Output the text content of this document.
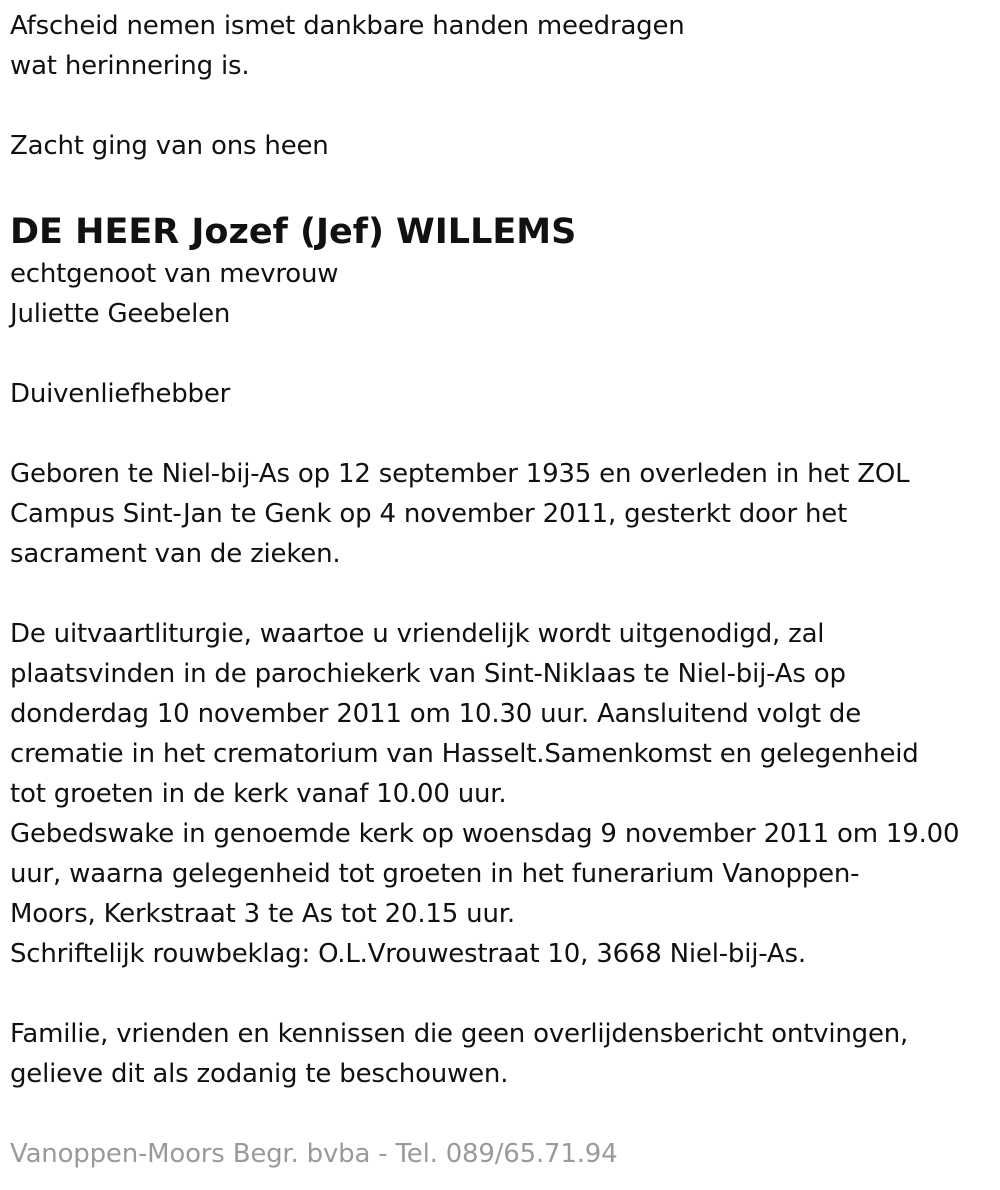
Afscheid nemen ismet dankbare handen meedragen
wat herinnering is.
Zacht ging van ons heen
DE HEER Jozef (Jef) WILLEMS
echtgenoot van mevrouw
Juliette Geebelen
Duivenliefhebber
Geboren te Niel-bij-As op 12 september 1935 en overleden in het ZOL
Campus Sint-Jan te Genk op 4 november 2011, gesterkt door het
sacrament van de zieken.
De uitvaartliturgie, waartoe u vriendelijk wordt uitgenodigd, zal
plaatsvinden in de parochiekerk van Sint-Niklaas te Niel-bij-As op
donderdag 10 november 2011 om 10.30 uur. Aansluitend volgt de
crematie in het crematorium van Hasselt.Samenkomst en gelegenheid
tot groeten in de kerk vanaf 10.00 uur.
Gebedswake in genoemde kerk op woensdag 9 november 2011 om 19.00
uur, waarna gelegenheid tot groeten in het funerarium Vanoppen-
Moors, Kerkstraat 3 te As tot 20.15 uur.
Schriftelijk rouwbeklag: O.L.Vrouwestraat 10, 3668 Niel-bij-As.
Familie, vrienden en kennissen die geen overlijdensbericht ontvingen,
gelieve dit als zodanig te beschouwen.
Vanoppen-Moors Begr. bvba - Tel. 089/65.71.94
